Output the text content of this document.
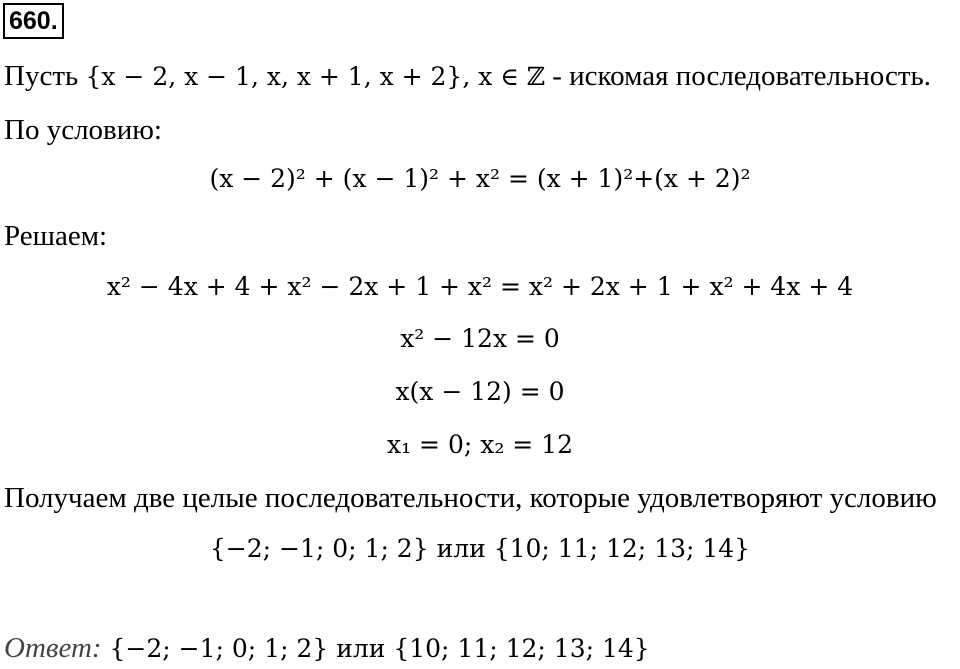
660.
Пусть {x − 2, x − 1, x, x + 1, x + 2}, x ∈ ℤ - искомая последовательность.
По условию:
(x − 2)² + (x − 1)² + x² = (x + 1)²+(x + 2)²
Решаем:
x² − 4x + 4 + x² − 2x + 1 + x² = x² + 2x + 1 + x² + 4x + 4
x² − 12x = 0
x(x − 12) = 0
x₁ = 0; x₂ = 12
Получаем две целые последовательности, которые удовлетворяют условию
{−2; −1; 0; 1; 2} или {10; 11; 12; 13; 14}
Ответ: {−2; −1; 0; 1; 2} или {10; 11; 12; 13; 14}
